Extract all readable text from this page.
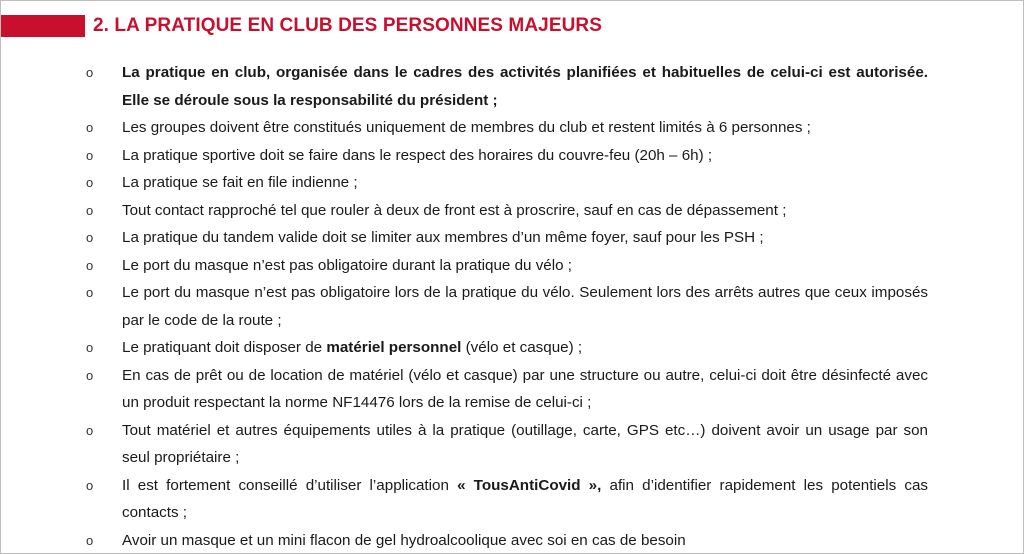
2. LA PRATIQUE EN CLUB DES PERSONNES MAJEURS
o La pratique en club, organisée dans le cadres des activités planifiées et habituelles de celui-ci est autorisée. Elle se déroule sous la responsabilité du président ;
o Les groupes doivent être constitués uniquement de membres du club et restent limités à 6 personnes ;
o La pratique sportive doit se faire dans le respect des horaires du couvre-feu (20h – 6h) ;
o La pratique se fait en file indienne ;
o Tout contact rapproché tel que rouler à deux de front est à proscrire, sauf en cas de dépassement ;
o La pratique du tandem valide doit se limiter aux membres d’un même foyer, sauf pour les PSH ;
o Le port du masque n’est pas obligatoire durant la pratique du vélo ;
o Le port du masque n’est pas obligatoire lors de la pratique du vélo. Seulement lors des arrêts autres que ceux imposés par le code de la route ;
o Le pratiquant doit disposer de matériel personnel (vélo et casque) ;
o En cas de prêt ou de location de matériel (vélo et casque) par une structure ou autre, celui-ci doit être désinfecté avec un produit respectant la norme NF14476 lors de la remise de celui-ci ;
o Tout matériel et autres équipements utiles à la pratique (outillage, carte, GPS etc…) doivent avoir un usage par son seul propriétaire ;
o Il est fortement conseillé d’utiliser l’application « TousAntiCovid », afin d’identifier rapidement les potentiels cas contacts ;
o Avoir un masque et un mini flacon de gel hydroalcoolique avec soi en cas de besoin
